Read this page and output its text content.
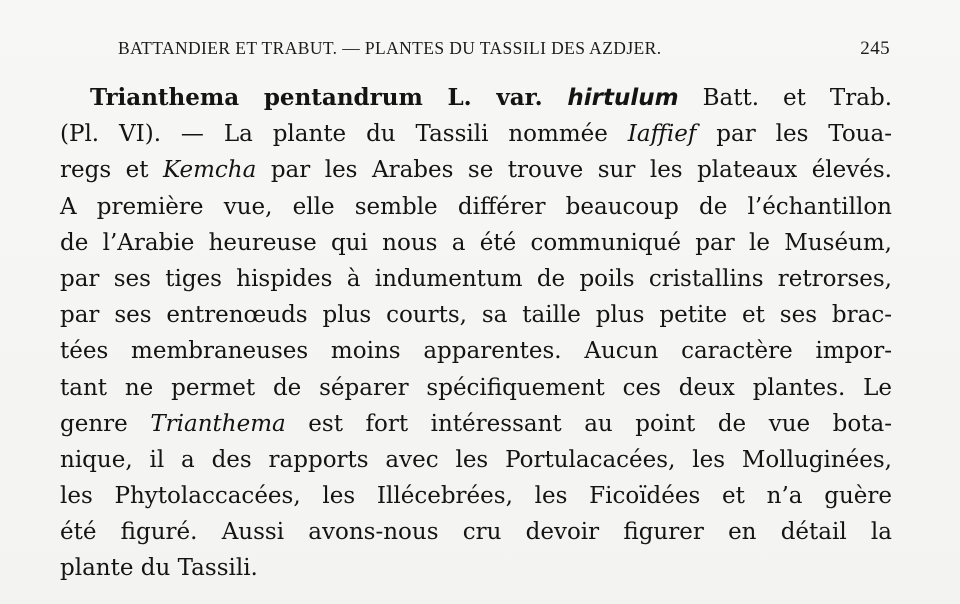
BATTANDIER ET TRABUT. — PLANTES DU TASSILI DES AZDJER.	245
Trianthema pentandrum L. var. hirtulum Batt. et Trab.
(Pl. VI). — La plante du Tassili nommée Iaffief par les Toua-
regs et Kemcha par les Arabes se trouve sur les plateaux élevés.
A première vue, elle semble différer beaucoup de l’échantillon
de l’Arabie heureuse qui nous a été communiqué par le Muséum,
par ses tiges hispides à indumentum de poils cristallins retrorses,
par ses entrenœuds plus courts, sa taille plus petite et ses brac-
tées membraneuses moins apparentes. Aucun caractère impor-
tant ne permet de séparer spécifiquement ces deux plantes. Le
genre Trianthema est fort intéressant au point de vue bota-
nique, il a des rapports avec les Portulacacées, les Molluginées,
les Phytolaccacées, les Illécebrées, les Ficoïdées et n’a guère
été figuré. Aussi avons-nous cru devoir figurer en détail la
plante du Tassili.
